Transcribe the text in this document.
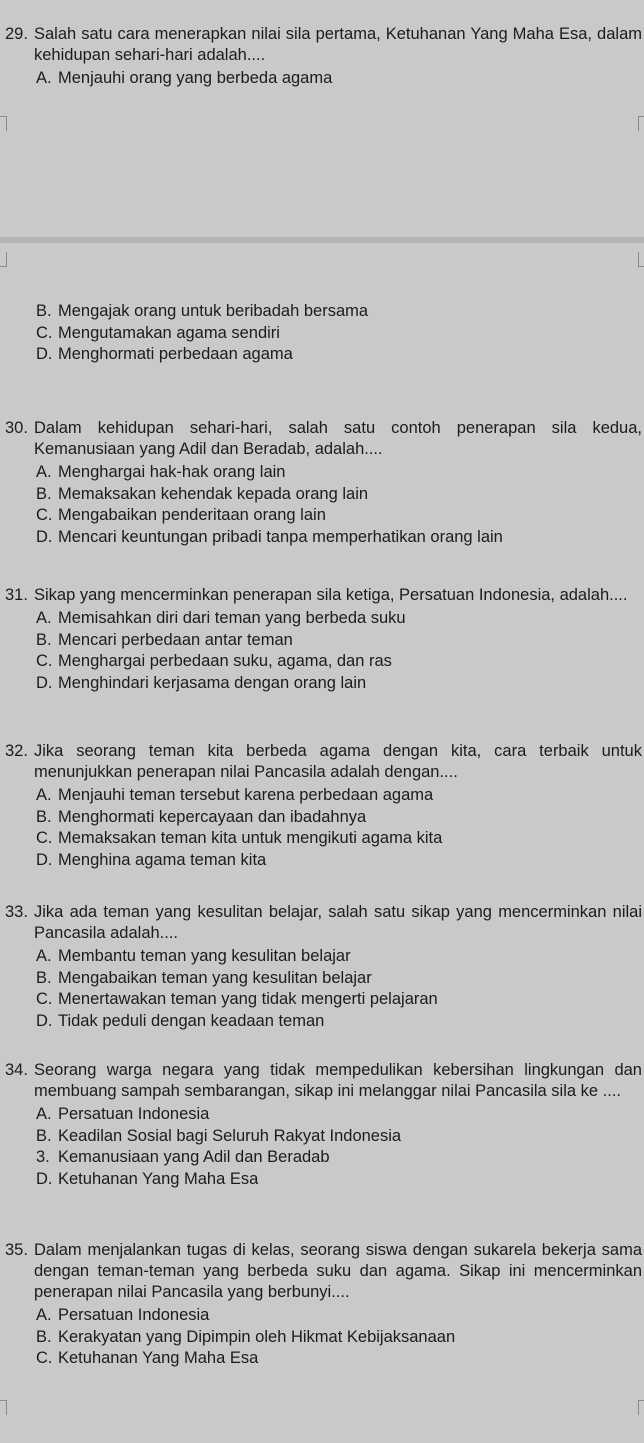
29. Salah satu cara menerapkan nilai sila pertama, Ketuhanan Yang Maha Esa, dalam kehidupan sehari-hari adalah....
A. Menjauhi orang yang berbeda agama
B. Mengajak orang untuk beribadah bersama
C. Mengutamakan agama sendiri
D. Menghormati perbedaan agama
30. Dalam kehidupan sehari-hari, salah satu contoh penerapan sila kedua, Kemanusiaan yang Adil dan Beradab, adalah....
A. Menghargai hak-hak orang lain
B. Memaksakan kehendak kepada orang lain
C. Mengabaikan penderitaan orang lain
D. Mencari keuntungan pribadi tanpa memperhatikan orang lain
31. Sikap yang mencerminkan penerapan sila ketiga, Persatuan Indonesia, adalah....
A. Memisahkan diri dari teman yang berbeda suku
B. Mencari perbedaan antar teman
C. Menghargai perbedaan suku, agama, dan ras
D. Menghindari kerjasama dengan orang lain
32. Jika seorang teman kita berbeda agama dengan kita, cara terbaik untuk menunjukkan penerapan nilai Pancasila adalah dengan....
A. Menjauhi teman tersebut karena perbedaan agama
B. Menghormati kepercayaan dan ibadahnya
C. Memaksakan teman kita untuk mengikuti agama kita
D. Menghina agama teman kita
33. Jika ada teman yang kesulitan belajar, salah satu sikap yang mencerminkan nilai Pancasila adalah....
A. Membantu teman yang kesulitan belajar
B. Mengabaikan teman yang kesulitan belajar
C. Menertawakan teman yang tidak mengerti pelajaran
D. Tidak peduli dengan keadaan teman
34. Seorang warga negara yang tidak mempedulikan kebersihan lingkungan dan membuang sampah sembarangan, sikap ini melanggar nilai Pancasila sila ke ....
A. Persatuan Indonesia
B. Keadilan Sosial bagi Seluruh Rakyat Indonesia
3. Kemanusiaan yang Adil dan Beradab
D. Ketuhanan Yang Maha Esa
35. Dalam menjalankan tugas di kelas, seorang siswa dengan sukarela bekerja sama dengan teman-teman yang berbeda suku dan agama. Sikap ini mencerminkan penerapan nilai Pancasila yang berbunyi....
A. Persatuan Indonesia
B. Kerakyatan yang Dipimpin oleh Hikmat Kebijaksanaan
C. Ketuhanan Yang Maha Esa
